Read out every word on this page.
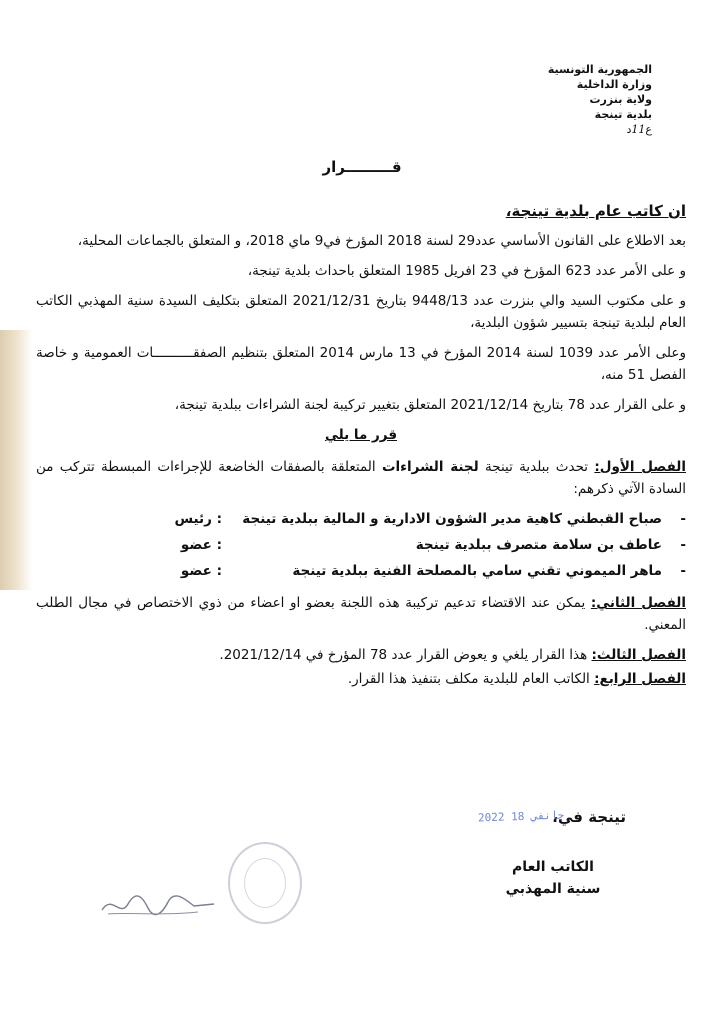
الجمهورية التونسية
وزارة الداخلية
ولاية بنزرت
بلدية تينجة
ع11د
قـــــــــرار

ان كاتب عام بلدية تينجة،

بعد الاطلاع على القانون الأساسي عدد29 لسنة 2018 المؤرخ في9 ماي 2018، و المتعلق بالجماعات المحلية،

و على الأمر عدد 623 المؤرخ في 23 افريل 1985 المتعلق باحداث بلدية تينجة،

و على مكتوب السيد والي بنزرت عدد 9448/13 بتاريخ 2021/12/31 المتعلق بتكليف السيدة سنية المهذبي الكاتب العام لبلدية تينجة بتسيير شؤون البلدية،

وعلى الأمر عدد 1039 لسنة 2014 المؤرخ في 13 مارس 2014 المتعلق بتنظيم الصفقــــــــــات العمومية و خاصة الفصل 51 منه،

و على القرار عدد 78 بتاريخ 2021/12/14 المتعلق بتغيير تركيبة لجنة الشراءات ببلدية تينجة،

قرر ما يلي

الفصل الأول: تحدث ببلدية تينجة لجنة الشراءات المتعلقة بالصفقات الخاضعة للإجراءات المبسطة تتركب من السادة الآتي ذكرهم:

-
صباح القبطني كاهية مدير الشؤون الادارية و المالية ببلدية تينجة
: رئيس
-
عاطف بن سلامة متصرف ببلدية تينجة
: عضو
-
ماهر الميموني تقني سامي بالمصلحة الفنية ببلدية تينجة
: عضو

الفصل الثاني: يمكن عند الاقتضاء تدعيم تركيبة هذه اللجنة بعضو او اعضاء من ذوي الاختصاص في مجال الطلب المعني.

الفصل الثالث: هذا القرار يلغي و يعوض القرار عدد 78 المؤرخ في 2021/12/14.

الفصل الرابع: الكاتب العام للبلدية مكلف بتنفيذ هذا القرار.

تينجة في،
2022 جانفي 18
الكاتب العام
سنية المهذبي
